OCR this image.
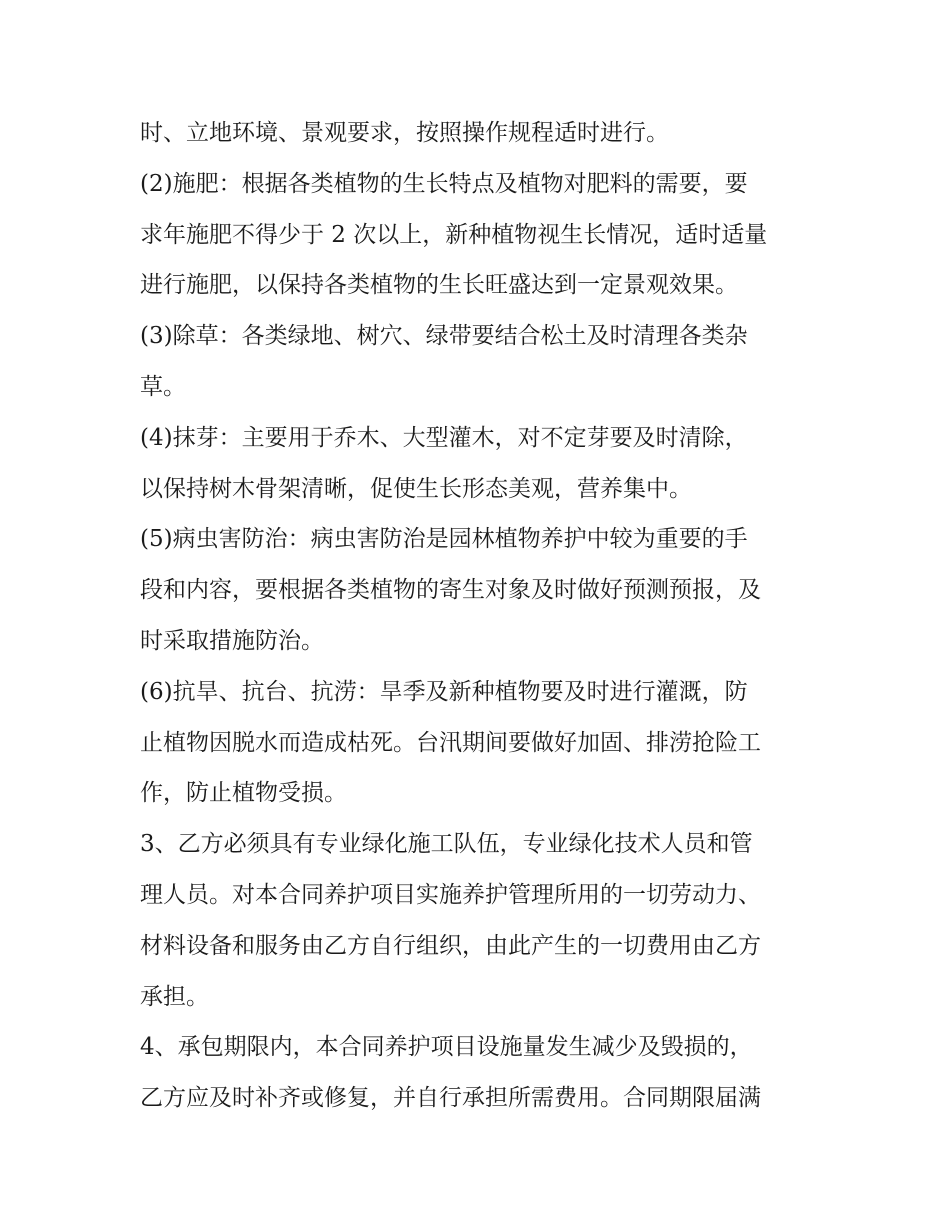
时、立地环境、景观要求，按照操作规程适时进行。
(2)施肥：根据各类植物的生长特点及植物对肥料的需要，要
求年施肥不得少于 2 次以上，新种植物视生长情况，适时适量
进行施肥，以保持各类植物的生长旺盛达到一定景观效果。
(3)除草：各类绿地、树穴、绿带要结合松土及时清理各类杂
草。
(4)抹芽：主要用于乔木、大型灌木，对不定芽要及时清除，
以保持树木骨架清晰，促使生长形态美观，营养集中。
(5)病虫害防治：病虫害防治是园林植物养护中较为重要的手
段和内容，要根据各类植物的寄生对象及时做好预测预报，及
时采取措施防治。
(6)抗旱、抗台、抗涝：旱季及新种植物要及时进行灌溉，防
止植物因脱水而造成枯死。台汛期间要做好加固、排涝抢险工
作，防止植物受损。
3、乙方必须具有专业绿化施工队伍，专业绿化技术人员和管
理人员。对本合同养护项目实施养护管理所用的一切劳动力、
材料设备和服务由乙方自行组织，由此产生的一切费用由乙方
承担。
4、承包期限内，本合同养护项目设施量发生减少及毁损的，
乙方应及时补齐或修复，并自行承担所需费用。合同期限届满
